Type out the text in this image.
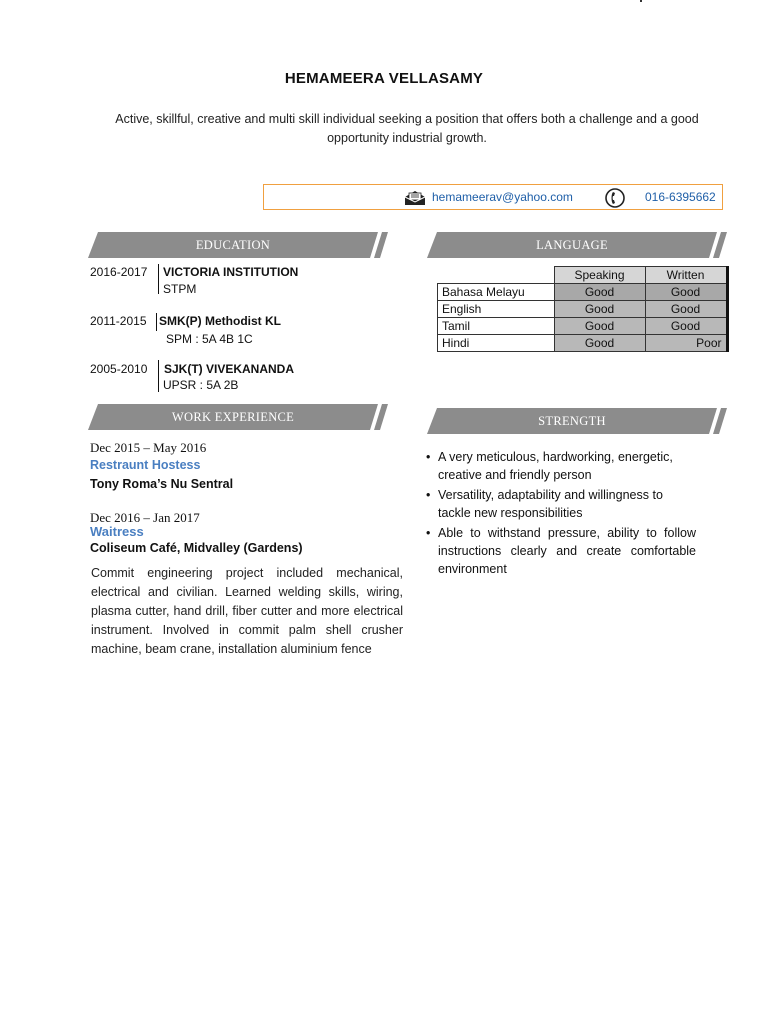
HEMAMEERA VELLASAMY
Active, skillful, creative and multi skill individual seeking a position that offers both a challenge and a good opportunity industrial growth.
hemameerav@yahoo.com	016-6395662
EDUCATION	LANGUAGE
2016-2017 VICTORIA INSTITUTION
STPM
2011-2015 SMK(P) Methodist KL
SPM : 5A 4B 1C
2005-2010 SJK(T) VIVEKANANDA
UPSR : 5A 2B
	Speaking	Written
Bahasa Melayu	Good	Good
English	Good	Good
Tamil	Good	Good
Hindi	Good	Poor
WORK EXPERIENCE	STRENGTH
Dec 2015 – May 2016
Restraunt Hostess
Tony Roma’s Nu Sentral
Dec 2016 – Jan 2017
Waitress
Coliseum Café, Midvalley (Gardens)
Commit engineering project included mechanical, electrical and civilian. Learned welding skills, wiring, plasma cutter, hand drill, fiber cutter and more electrical instrument. Involved in commit palm shell crusher machine, beam crane, installation aluminium fence
• A very meticulous, hardworking, energetic, creative and friendly person
• Versatility, adaptability and willingness to tackle new responsibilities
• Able to withstand pressure, ability to follow instructions clearly and create comfortable environment
